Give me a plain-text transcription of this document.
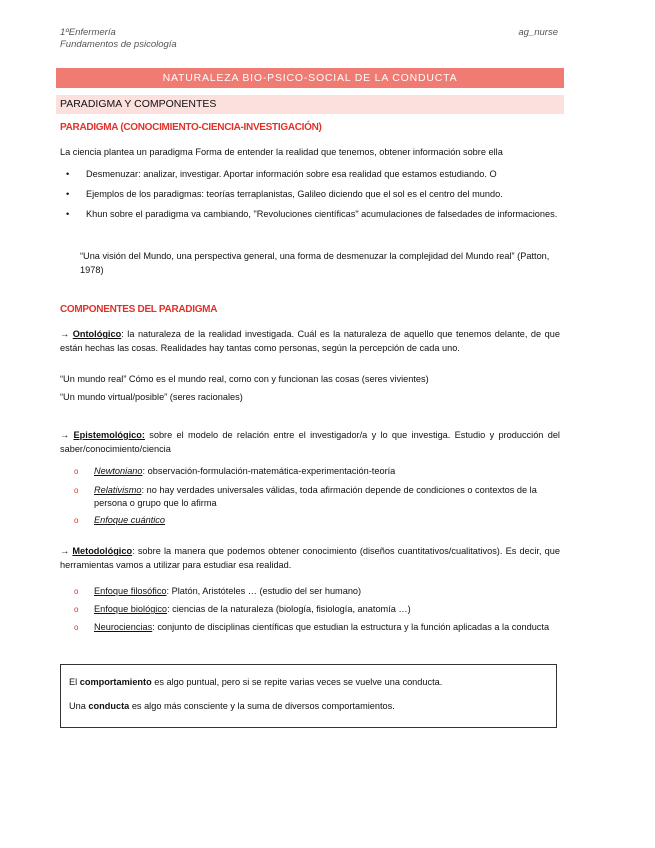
1ºEnfermería
Fundamentos de psicología
ag_nurse
NATURALEZA BIO-PSICO-SOCIAL DE LA CONDUCTA
PARADIGMA Y COMPONENTES
PARADIGMA (CONOCIMIENTO-CIENCIA-INVESTIGACIÓN)
La ciencia plantea un paradigma Forma de entender la realidad que tenemos, obtener información sobre ella
• Desmenuzar: analizar, investigar. Aportar información sobre esa realidad que estamos estudiando. O
• Ejemplos de los paradigmas: teorías terraplanistas, Galileo diciendo que el sol es el centro del mundo.
• Khun sobre el paradigma va cambiando, "Revoluciones científicas" acumulaciones de falsedades de informaciones.
“Una visión del Mundo, una perspectiva general, una forma de desmenuzar la complejidad del Mundo real” (Patton, 1978)
COMPONENTES DEL PARADIGMA
→ Ontológico: la naturaleza de la realidad investigada. Cuál es la naturaleza de aquello que tenemos delante, de que están hechas las cosas. Realidades hay tantas como personas, según la percepción de cada uno.
“Un mundo real” Cómo es el mundo real, como con y funcionan las cosas (seres vivientes)
“Un mundo virtual/posible” (seres racionales)
→ Epistemológico: sobre el modelo de relación entre el investigador/a y lo que investiga. Estudio y producción del saber/conocimiento/ciencia
o Newtoniano: observación-formulación-matemática-experimentación-teoría
o Relativismo: no hay verdades universales válidas, toda afirmación depende de condiciones o contextos de la persona o grupo que lo afirma
o Enfoque cuántico
→ Metodológico: sobre la manera que podemos obtener conocimiento (diseños cuantitativos/cualitativos). Es decir, que herramientas vamos a utilizar para estudiar esa realidad.
o Enfoque filosófico: Platón, Aristóteles … (estudio del ser humano)
o Enfoque biológico: ciencias de la naturaleza (biología, fisiología, anatomía …)
o Neurociencias: conjunto de disciplinas científicas que estudian la estructura y la función aplicadas a la conducta
El comportamiento es algo puntual, pero si se repite varias veces se vuelve una conducta.
Una conducta es algo más consciente y la suma de diversos comportamientos.
